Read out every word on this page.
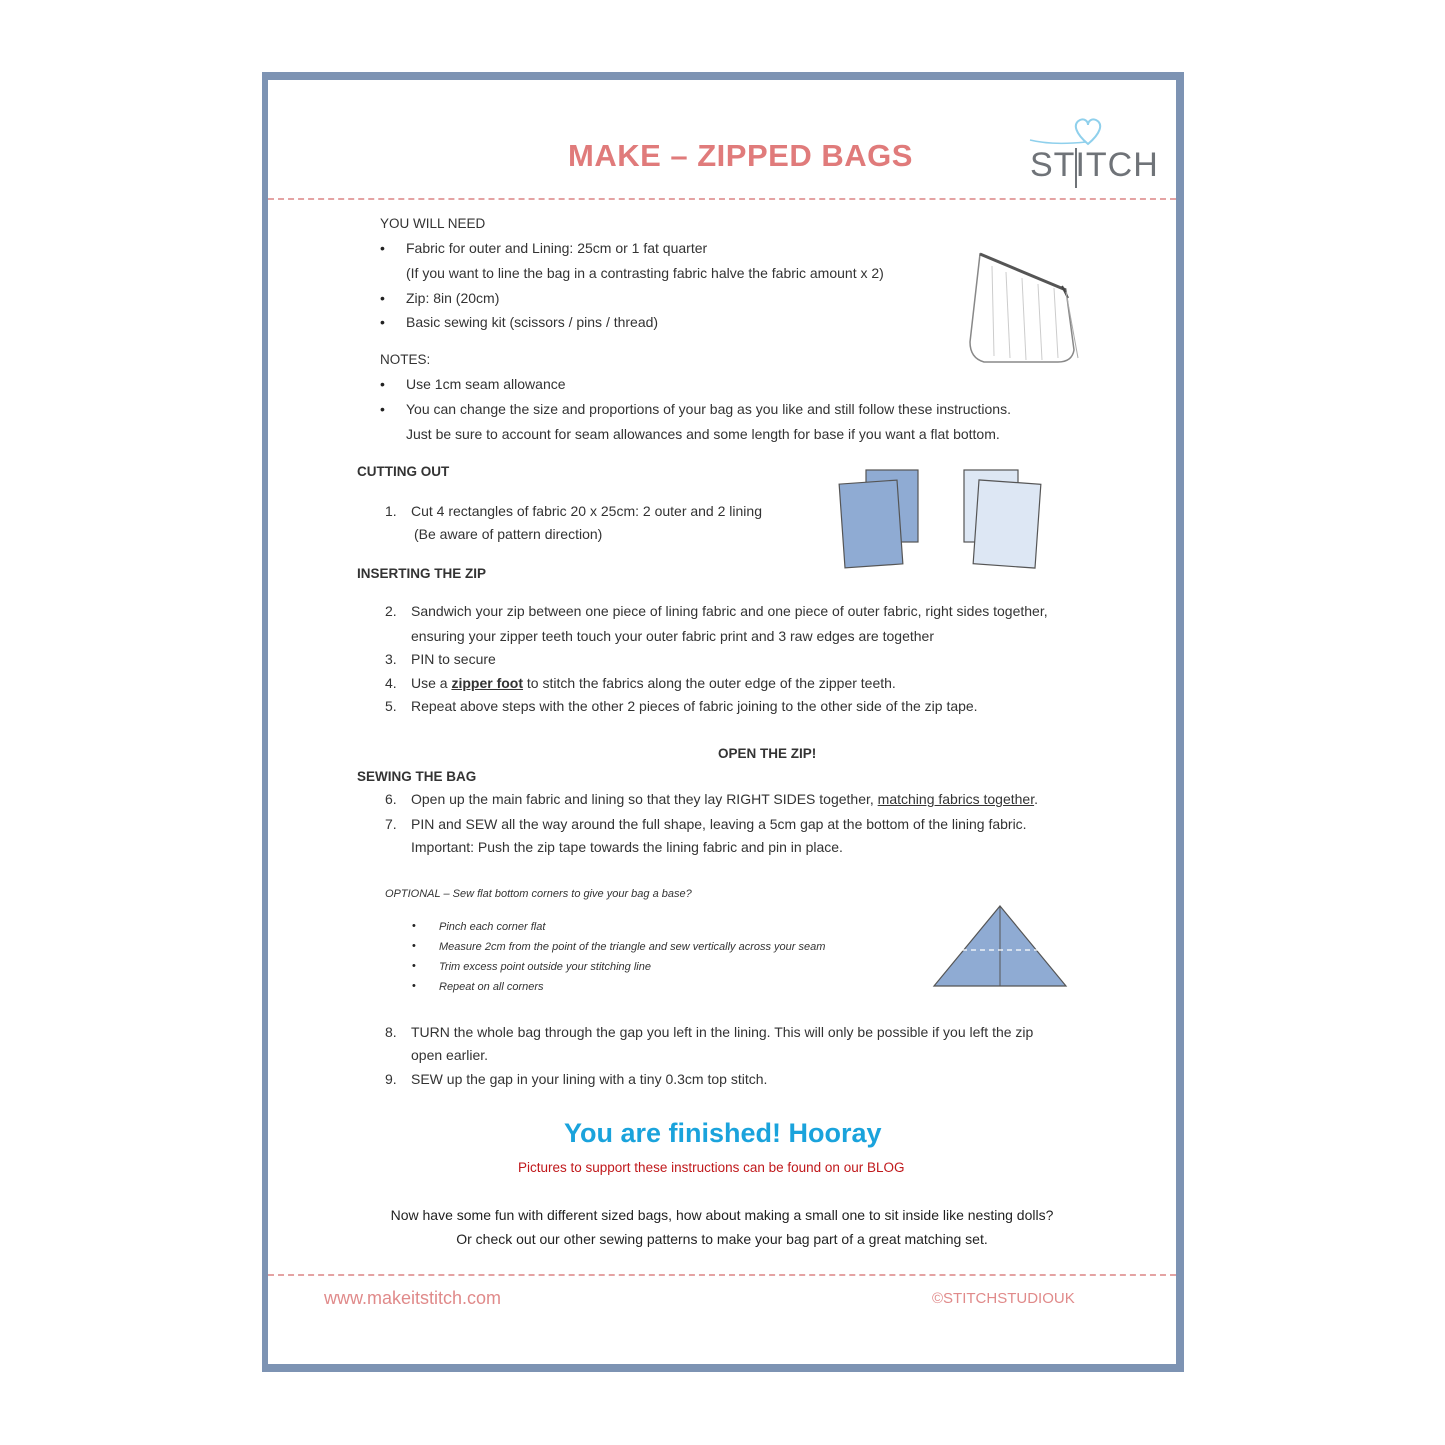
MAKE – ZIPPED BAGS	STITCH
YOU WILL NEED
• Fabric for outer and Lining: 25cm or 1 fat quarter
(If you want to line the bag in a contrasting fabric halve the fabric amount x 2)
• Zip: 8in (20cm)
• Basic sewing kit (scissors / pins / thread)
NOTES:
• Use 1cm seam allowance
• You can change the size and proportions of your bag as you like and still follow these instructions.
Just be sure to account for seam allowances and some length for base if you want a flat bottom.
CUTTING OUT
1. Cut 4 rectangles of fabric 20 x 25cm: 2 outer and 2 lining
(Be aware of pattern direction)
INSERTING THE ZIP
2. Sandwich your zip between one piece of lining fabric and one piece of outer fabric, right sides together,
ensuring your zipper teeth touch your outer fabric print and 3 raw edges are together
3. PIN to secure
4. Use a zipper foot to stitch the fabrics along the outer edge of the zipper teeth.
5. Repeat above steps with the other 2 pieces of fabric joining to the other side of the zip tape.
OPEN THE ZIP!
SEWING THE BAG
6. Open up the main fabric and lining so that they lay RIGHT SIDES together, matching fabrics together.
7. PIN and SEW all the way around the full shape, leaving a 5cm gap at the bottom of the lining fabric.
Important: Push the zip tape towards the lining fabric and pin in place.
OPTIONAL – Sew flat bottom corners to give your bag a base?
• Pinch each corner flat
• Measure 2cm from the point of the triangle and sew vertically across your seam
• Trim excess point outside your stitching line
• Repeat on all corners
8. TURN the whole bag through the gap you left in the lining. This will only be possible if you left the zip
open earlier.
9. SEW up the gap in your lining with a tiny 0.3cm top stitch.
You are finished! Hooray
Pictures to support these instructions can be found on our BLOG
Now have some fun with different sized bags, how about making a small one to sit inside like nesting dolls?
Or check out our other sewing patterns to make your bag part of a great matching set.
www.makeitstitch.com	©STITCHSTUDIOUK
